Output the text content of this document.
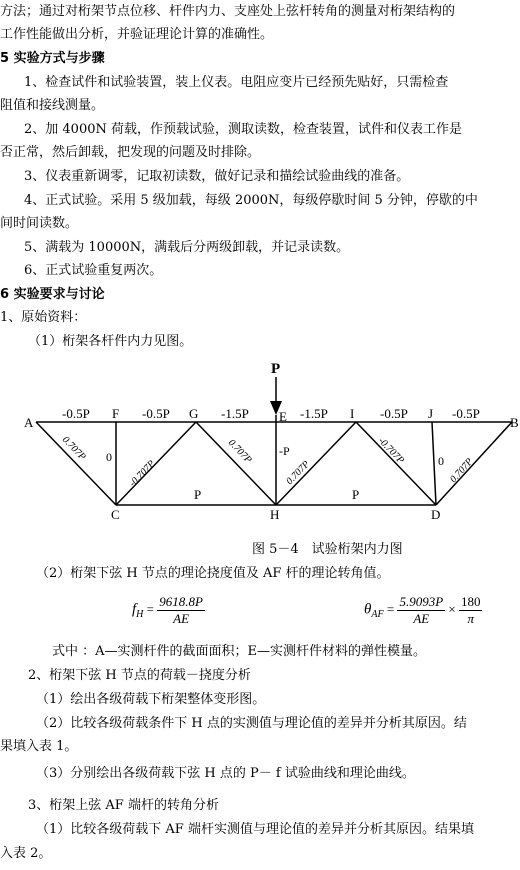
方法；通过对桁架节点位移、杆件内力、支座处上弦杆转角的测量对桁架结构的
工作性能做出分析，并验证理论计算的准确性。
5 实验方式与步骤
1、检查试件和试验装置，装上仪表。电阻应变片已经预先贴好，只需检查
阻值和接线测量。
2、加 4000N 荷载，作预载试验，测取读数，检查装置，试件和仪表工作是
否正常，然后卸载，把发现的问题及时排除。
3、仪表重新调零，记取初读数，做好记录和描绘试验曲线的准备。
4、正式试验。采用 5 级加载，每级 2000N，每级停歇时间 5 分钟，停歇的中
间时间读数。
5、满载为 10000N，满载后分两级卸载，并记录读数。
6、正式试验重复两次。
6 实验要求与讨论
1、原始资料：
（1）桁架各杆件内力见图。
P
A
F	G	E	I	J
B
C	H	D
-0.5P	-0.5P	-1.5P	-1.5P	-0.5P	-0.5P
0	-P
0
0.707P
-0.707P
0.707P
0.707P
-0.707P
0.707P
P	P
图 5－4　试验桁架内力图
（2）桁架下弦 H 节点的理论挠度值及 AF 杆的理论转角值。
$f_H = \frac{9618.8P}{AE}$	$\theta_{AF} = \frac{5.9093P}{AE} \times \frac{180}{\pi}$
式中 ：A—实测杆件的截面面积；E—实测杆件材料的弹性模量。
2、桁架下弦 H 节点的荷载－挠度分析
（1）绘出各级荷载下桁架整体变形图。
（2）比较各级荷载条件下 H 点的实测值与理论值的差异并分析其原因。结
果填入表 1。
（3）分别绘出各级荷载下弦 H 点的 P－ f 试验曲线和理论曲线。
3、桁架上弦 AF 端杆的转角分析
（1）比较各级荷载下 AF 端杆实测值与理论值的差异并分析其原因。结果填
入表 2。
